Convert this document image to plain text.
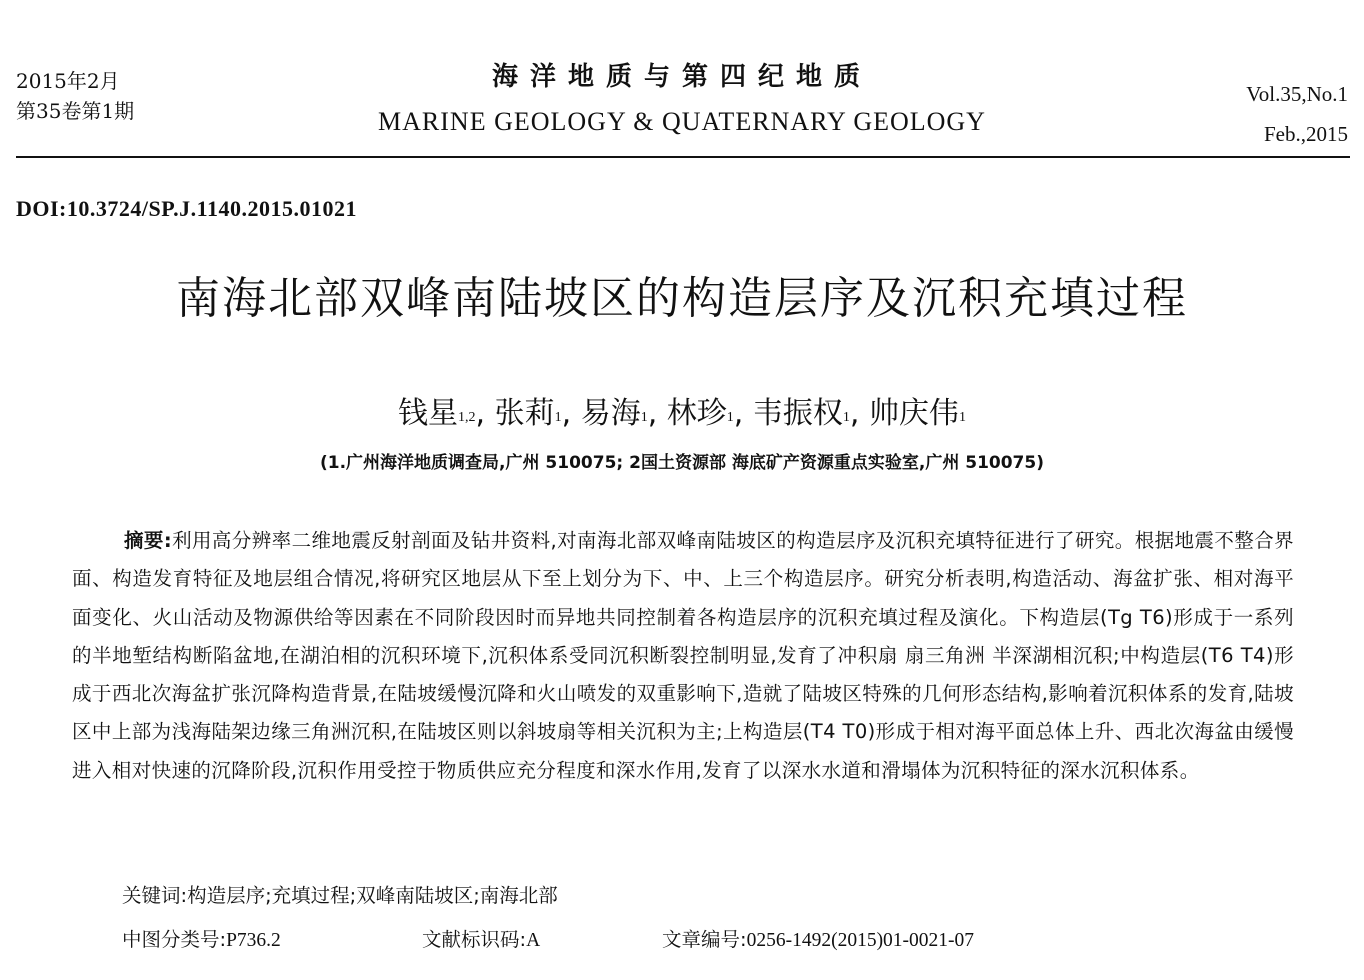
2015年2月
第35卷第1期
海洋地质与第四纪地质
MARINE GEOLOGY & QUATERNARY GEOLOGY
Vol.35,No.1
Feb.,2015
DOI:10.3724/SP.J.1140.2015.01021
南海北部双峰南陆坡区的构造层序及沉积充填过程
钱星$^{1,2}$, 张莉$^1$, 易海$^1$, 林珍$^1$, 韦振权$^1$, 帅庆伟$^1$
(1.广州海洋地质调查局,广州 510075; 2国土资源部 海底矿产资源重点实验室,广州 510075)
摘要:利用高分辨率二维地震反射剖面及钻井资料,对南海北部双峰南陆坡区的构造层序及沉积充填特征进行了研究。根据地震不整合界面、构造发育特征及地层组合情况,将研究区地层从下至上划分为下、中、上三个构造层序。研究分析表明,构造活动、海盆扩张、相对海平面变化、火山活动及物源供给等因素在不同阶段因时而异地共同控制着各构造层序的沉积充填过程及演化。下构造层(Tg T6)形成于一系列的半地堑结构断陷盆地,在湖泊相的沉积环境下,沉积体系受同沉积断裂控制明显,发育了冲积扇 扇三角洲 半深湖相沉积;中构造层(T6 T4)形成于西北次海盆扩张沉降构造背景,在陆坡缓慢沉降和火山喷发的双重影响下,造就了陆坡区特殊的几何形态结构,影响着沉积体系的发育,陆坡区中上部为浅海陆架边缘三角洲沉积,在陆坡区则以斜坡扇等相关沉积为主;上构造层(T4 T0)形成于相对海平面总体上升、西北次海盆由缓慢进入相对快速的沉降阶段,沉积作用受控于物质供应充分程度和深水作用,发育了以深水水道和滑塌体为沉积特征的深水沉积体系。
关键词:构造层序;充填过程;双峰南陆坡区;南海北部
中图分类号:P736.2	文献标识码:A	文章编号:0256-1492(2015)01-0021-07
